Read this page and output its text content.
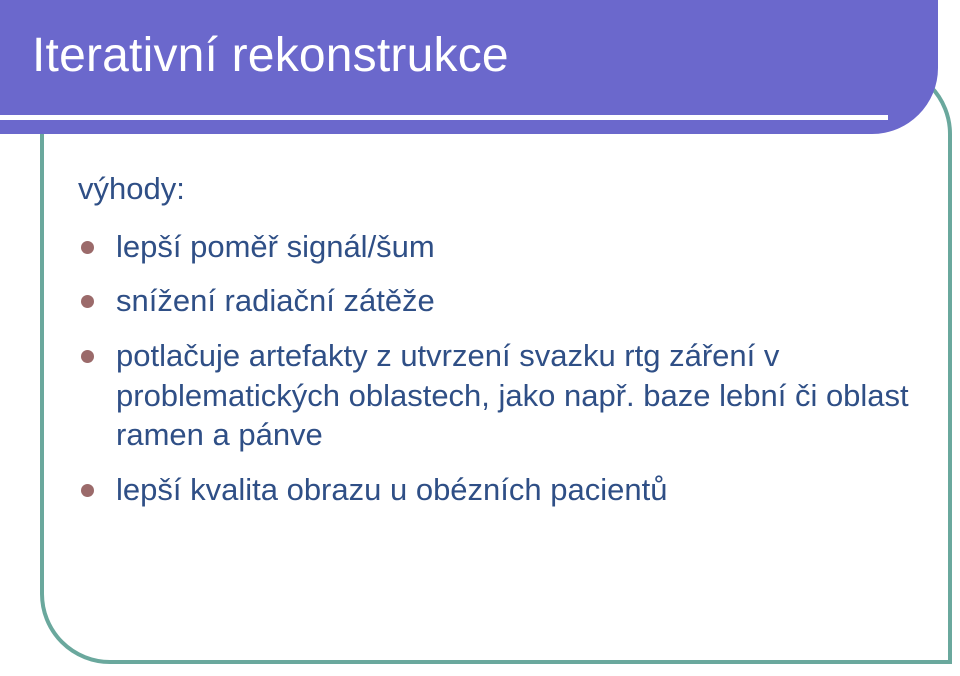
Iterativní rekonstrukce

výhody:

lepší poměř signál/šum
snížení radiační zátěže
potlačuje artefakty z utvrzení svazku rtg záření v problematických oblastech, jako např. baze lební či oblast ramen a pánve
lepší kvalita obrazu u obézních pacientů
